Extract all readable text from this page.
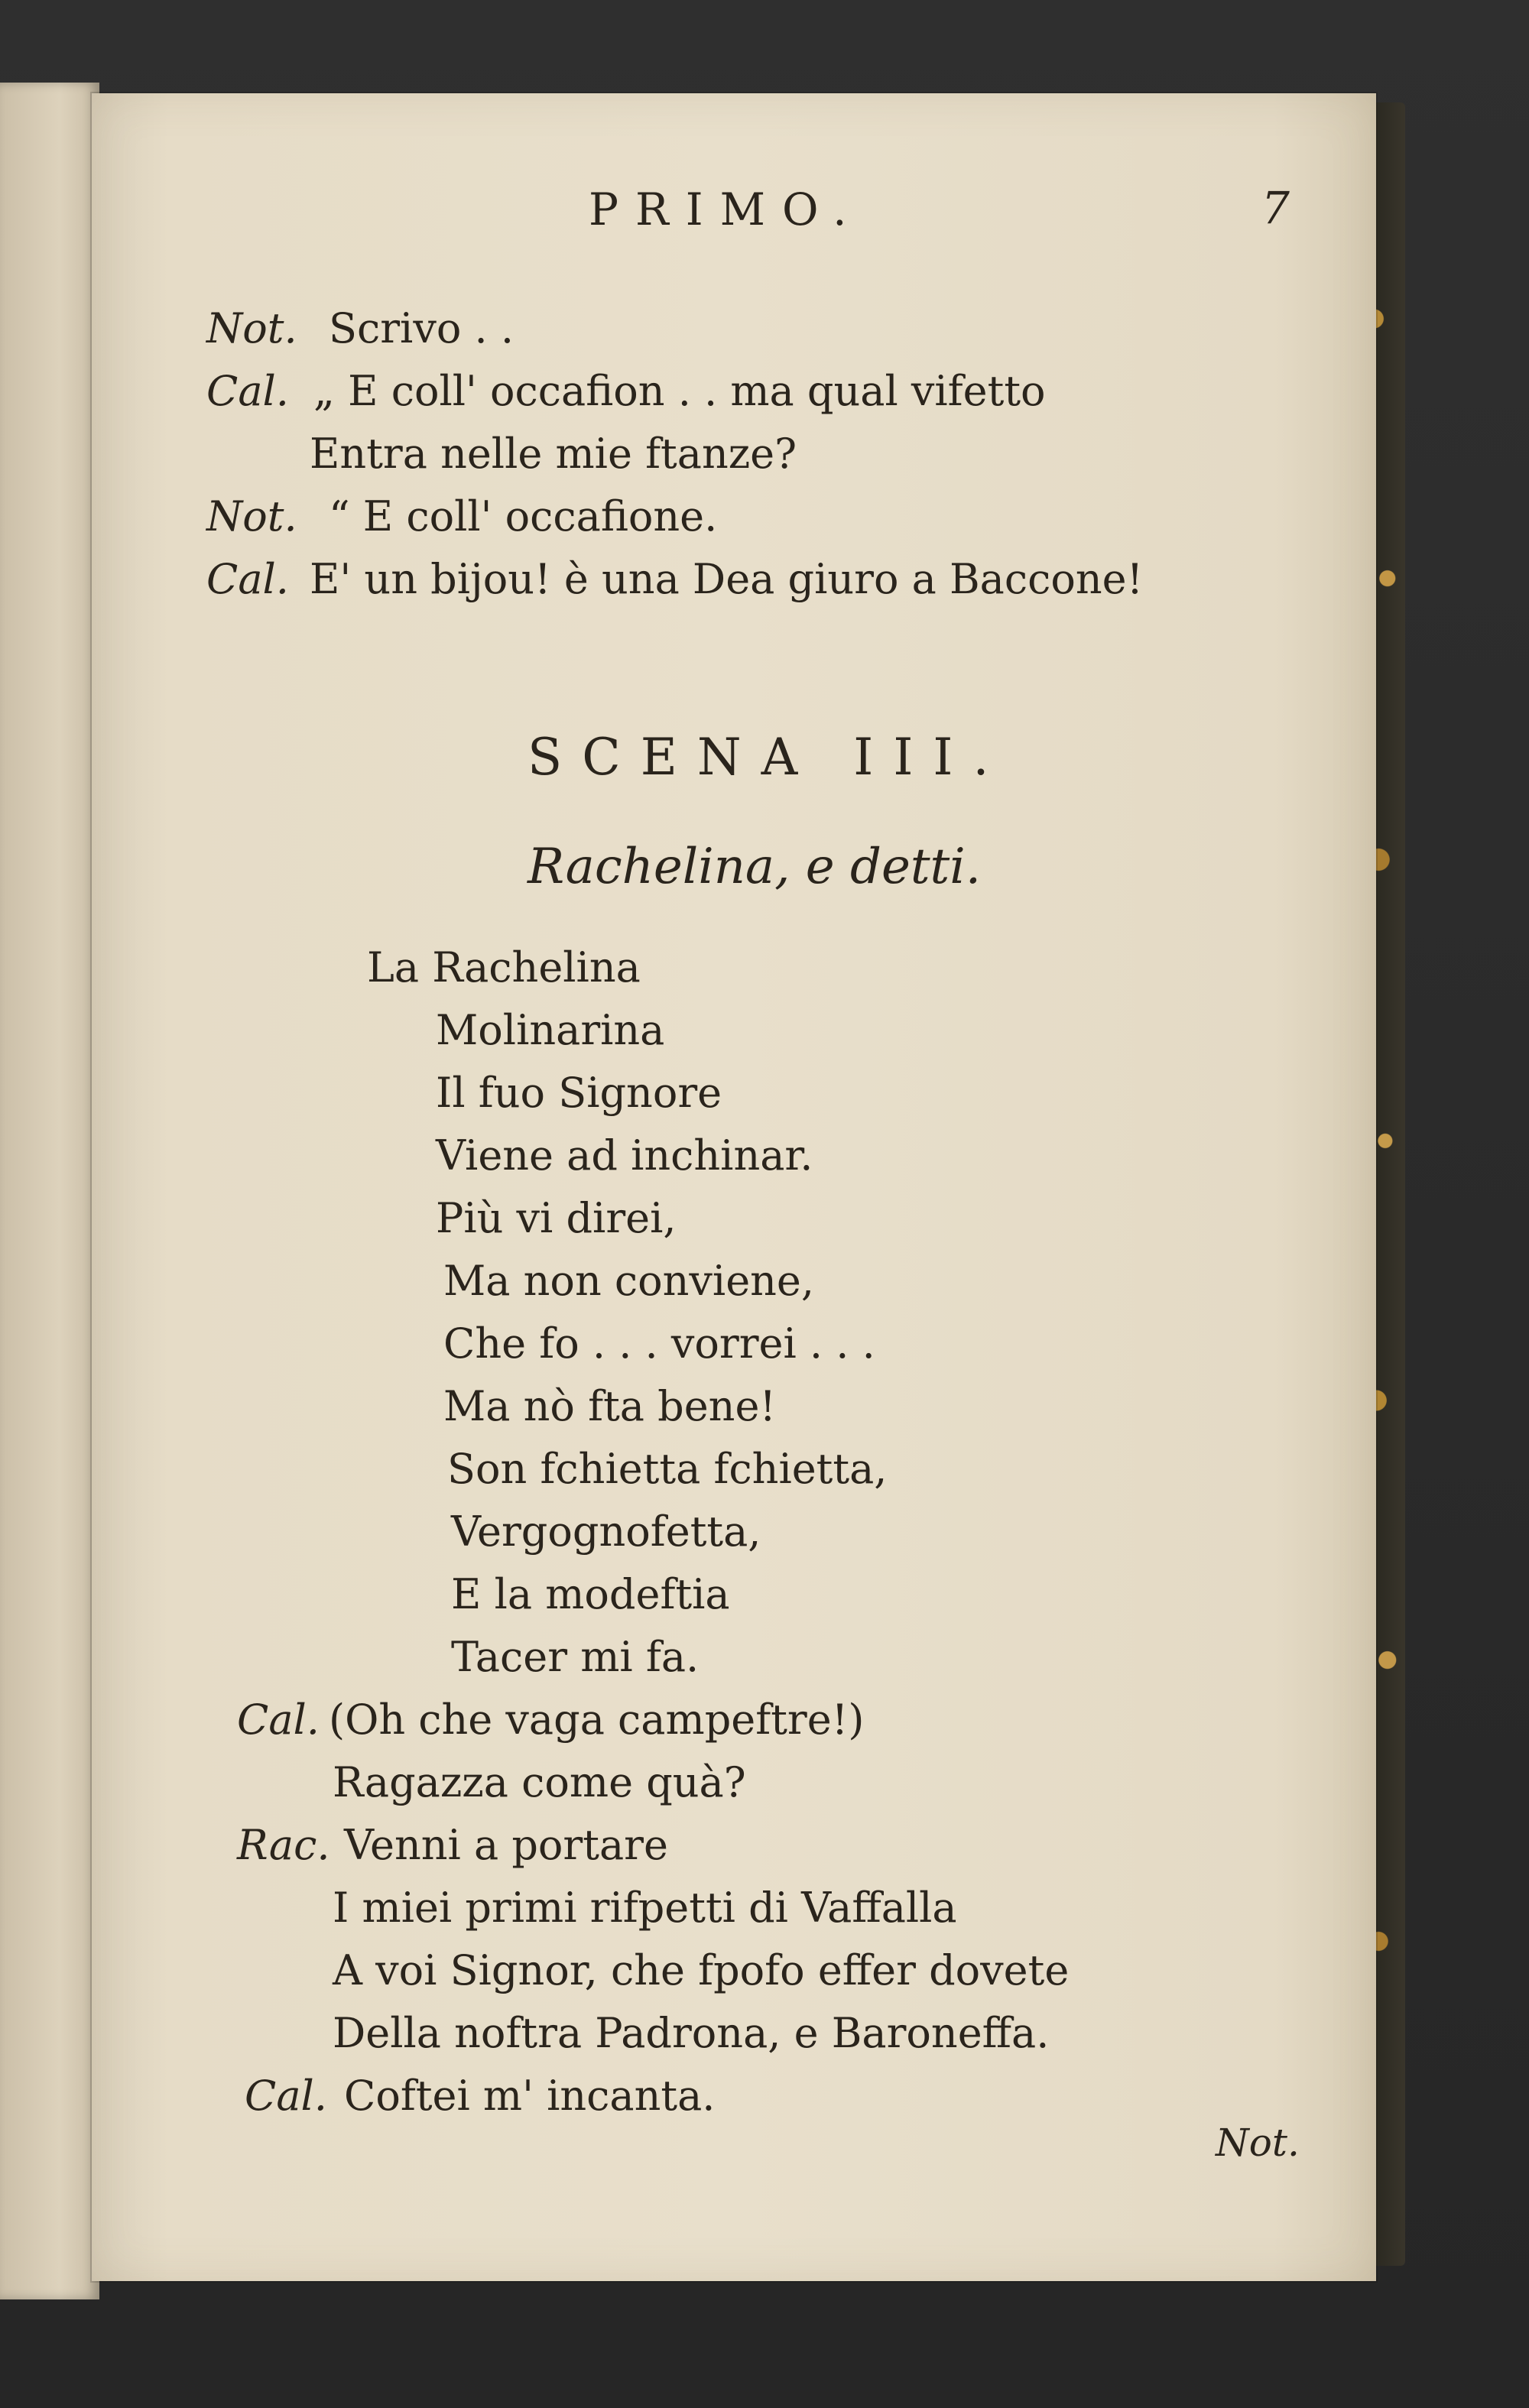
PRIMO.	7
Not. Scrivo . .
Cal. „ E coll' occafion . . ma qual vifetto
Entra nelle mie ftanze?
Not. “ E coll' occafione.
Cal. E' un bijou! è una Dea giuro a Baccone!
SCENA III.
Rachelina, e detti.
La Rachelina
Molinarina
Il fuo Signore
Viene ad inchinar.
Più vi direi,
Ma non conviene,
Che fo . . . vorrei . . .
Ma nò fta bene!
Son fchietta fchietta,
Vergognofetta,
E la modeftia
Tacer mi fa.
Cal. (Oh che vaga campeftre!)
Ragazza come quà?
Rac. Venni a portare
I miei primi rifpetti di Vaffalla
A voi Signor, che fpofo effer dovete
Della noftra Padrona, e Baroneffa.
Cal. Coftei m' incanta.
Not.
